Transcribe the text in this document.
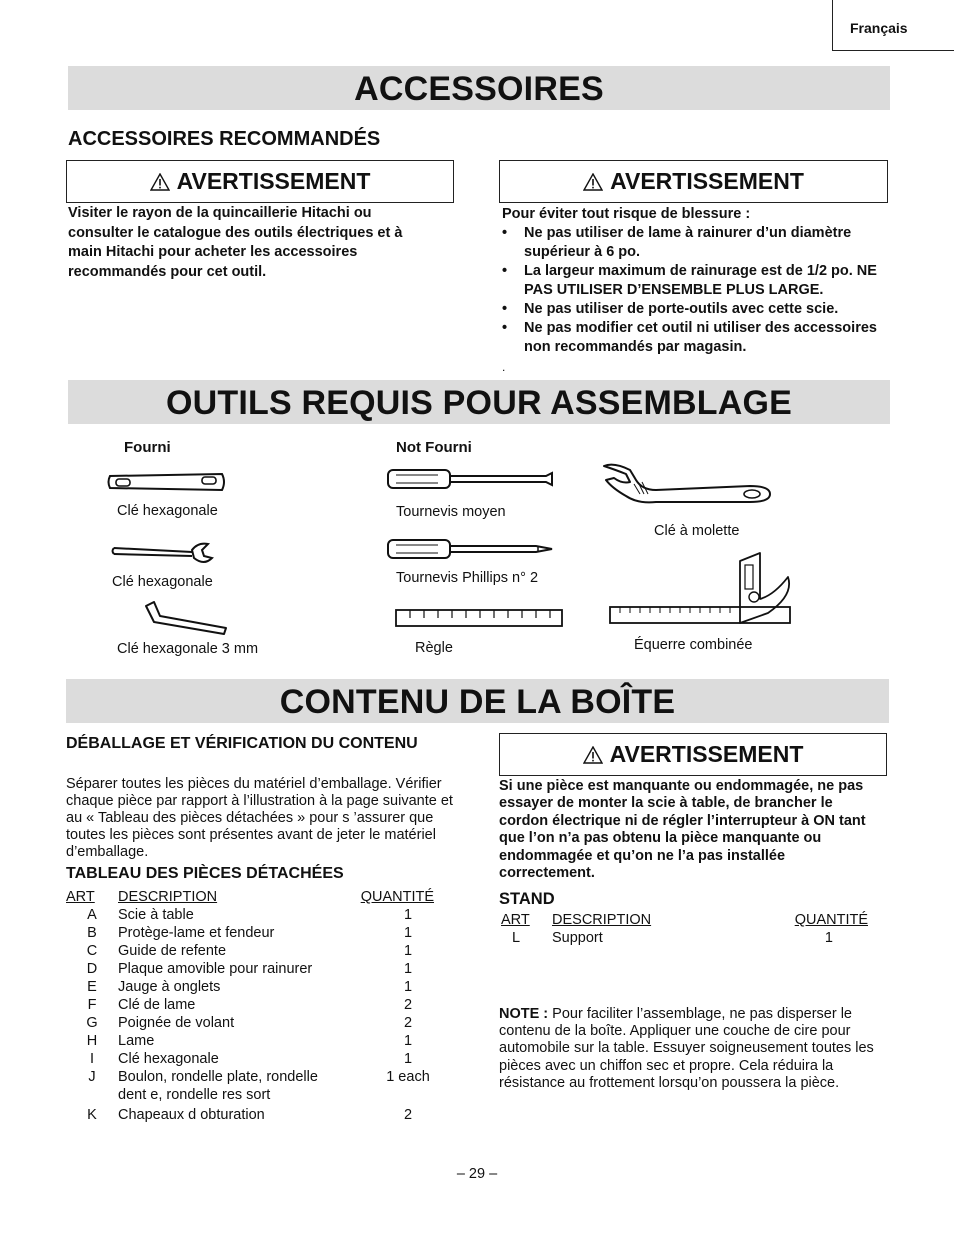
Français
ACCESSOIRES
ACCESSOIRES RECOMMANDÉS
AVERTISSEMENT
Visiter le rayon de la quincaillerie Hitachi ou consulter le catalogue des outils électriques et à main Hitachi pour acheter les accessoires recommandés pour cet outil.
AVERTISSEMENT
Pour éviter tout risque de blessure :
• Ne pas utiliser de lame à rainurer d’un diamètre supérieur à 6 po.
• La largeur maximum de rainurage est de 1/2 po. NE PAS UTILISER D’ENSEMBLE PLUS LARGE.
• Ne pas utiliser de porte-outils avec cette scie.
• Ne pas modifier cet outil ni utiliser des accessoires non recommandés par magasin.
.
OUTILS REQUIS POUR ASSEMBLAGE
Fourni	Not Fourni
Clé hexagonale
Clé hexagonale
Clé hexagonale 3 mm
Tournevis moyen
Tournevis Phillips n° 2
Règle
Clé à molette
Équerre combinée
CONTENU DE LA BOÎTE
DÉBALLAGE ET VÉRIFICATION DU CONTENU
Séparer toutes les pièces du matériel d’emballage. Vérifier chaque pièce par rapport à l’illustration à la page suivante et au « Tableau des pièces détachées » pour s ’assurer que toutes les pièces sont présentes avant de jeter le matériel d’emballage.
TABLEAU DES PIÈCES DÉTACHÉES
ART	DESCRIPTION	QUANTITÉ
A	Scie à table	1
B	Protège-lame et fendeur	1
C	Guide de refente	1
D	Plaque amovible pour rainurer	1
E	Jauge à onglets	1
F	Clé de lame	2
G	Poignée de volant	2
H	Lame	1
I	Clé hexagonale	1
J	Boulon, rondelle plate, rondelle	1 each
	dent e, rondelle res sort	
K	Chapeaux d obturation	2
AVERTISSEMENT
Si une pièce est manquante ou endommagée, ne pas essayer de monter la scie à table, de brancher le cordon électrique ni de régler l’interrupteur à ON tant que l’on n’a pas obtenu la pièce manquante ou endommagée et qu’on ne l’a pas installée correctement.
STAND
ART	DESCRIPTION	QUANTITÉ
L	Support	1
NOTE : Pour faciliter l’assemblage, ne pas disperser le contenu de la boîte. Appliquer une couche de cire pour automobile sur la table. Essuyer soigneusement toutes les pièces avec un chiffon sec et propre. Cela réduira la résistance au frottement lorsqu’on poussera la pièce.
– 29 –
